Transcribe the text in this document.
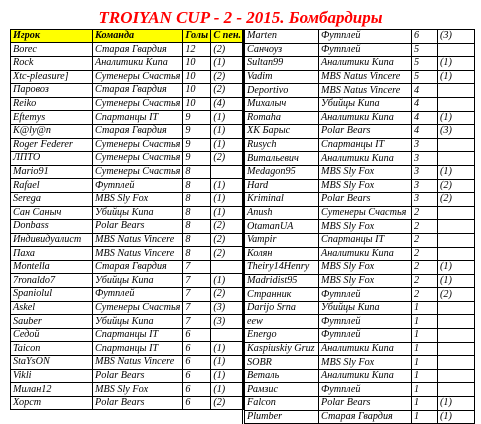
TROIYAN CUP - 2 - 2015. Бомбардиры
Игрок	Команда	Голы	С пен.
Borec	Старая Гвардия	12	(2)
Rock	Аналитики Кипа	10	(1)
Xtc-pleasure]	Сутенеры Счастья	10	(2)
Паровоз	Старая Гвардия	10	(2)
Reiko	Сутенеры Счастья	10	(4)
Eftemys	Спартанцы IT	9	(1)
K@ly@n	Старая Гвардия	9	(1)
Roger Federer	Сутенеры Счастья	9	(1)
ЛПТО	Сутенеры Счастья	9	(2)
Mario91	Сутенеры Счастья	8	
Rafael	Футплей	8	(1)
Serega	MBS Sly Fox	8	(1)
Сан Саныч	Убийцы Кипа	8	(1)
Donbass	Polar Bears	8	(2)
Индивидуалист	MBS Natus Vincere	8	(2)
Паха	MBS Natus Vincere	8	(2)
Montella	Старая Гвардия	7	
7ronaldo7	Убийцы Кипа	7	(1)
Spaniolul	Футплей	7	(2)
Askel	Сутенеры Счастья	7	(3)
Sauber	Убийцы Кипа	7	(3)
Седой	Спартанцы IT	6	
Taicon	Спартанцы IT	6	(1)
StaYsON	MBS Natus Vincere	6	(1)
Vikli	Polar Bears	6	(1)
Милан12	MBS Sly Fox	6	(1)
Хорст	Polar Bears	6	(2)
Marten	Футплей	6	(3)
Санчоуз	Футплей	5	
Sultan99	Аналитики Кипа	5	(1)
Vadim	MBS Natus Vincere	5	(1)
Deportivo	MBS Natus Vincere	4	
Михалыч	Убийцы Кипа	4	
Romaha	Аналитики Кипа	4	(1)
ХК Барыс	Polar Bears	4	(3)
Rusych	Спартанцы IT	3	
Витальевич	Аналитики Кипа	3	
Medagon95	MBS Sly Fox	3	(1)
Hard	MBS Sly Fox	3	(2)
Kriminal	Polar Bears	3	(2)
Anush	Сутенеры Счастья	2	
OtamanUA	MBS Sly Fox	2	
Vampir	Спартанцы IT	2	
Колян	Аналитики Кипа	2	
Theiry14Henry	MBS Sly Fox	2	(1)
Madridist95	MBS Sly Fox	2	(1)
Странник	Футплей	2	(2)
Darijo Srna	Убийцы Кипа	1	
eew	Футплей	1	
Energo	Футплей	1	
Kaspiuskiy Gruz	Аналитики Кипа	1	
SOBR	MBS Sly Fox	1	
Веталь	Аналитики Кипа	1	
Рамзис	Футплей	1	
Falcon	Polar Bears	1	(1)
Plumber	Старая Гвардия	1	(1)
